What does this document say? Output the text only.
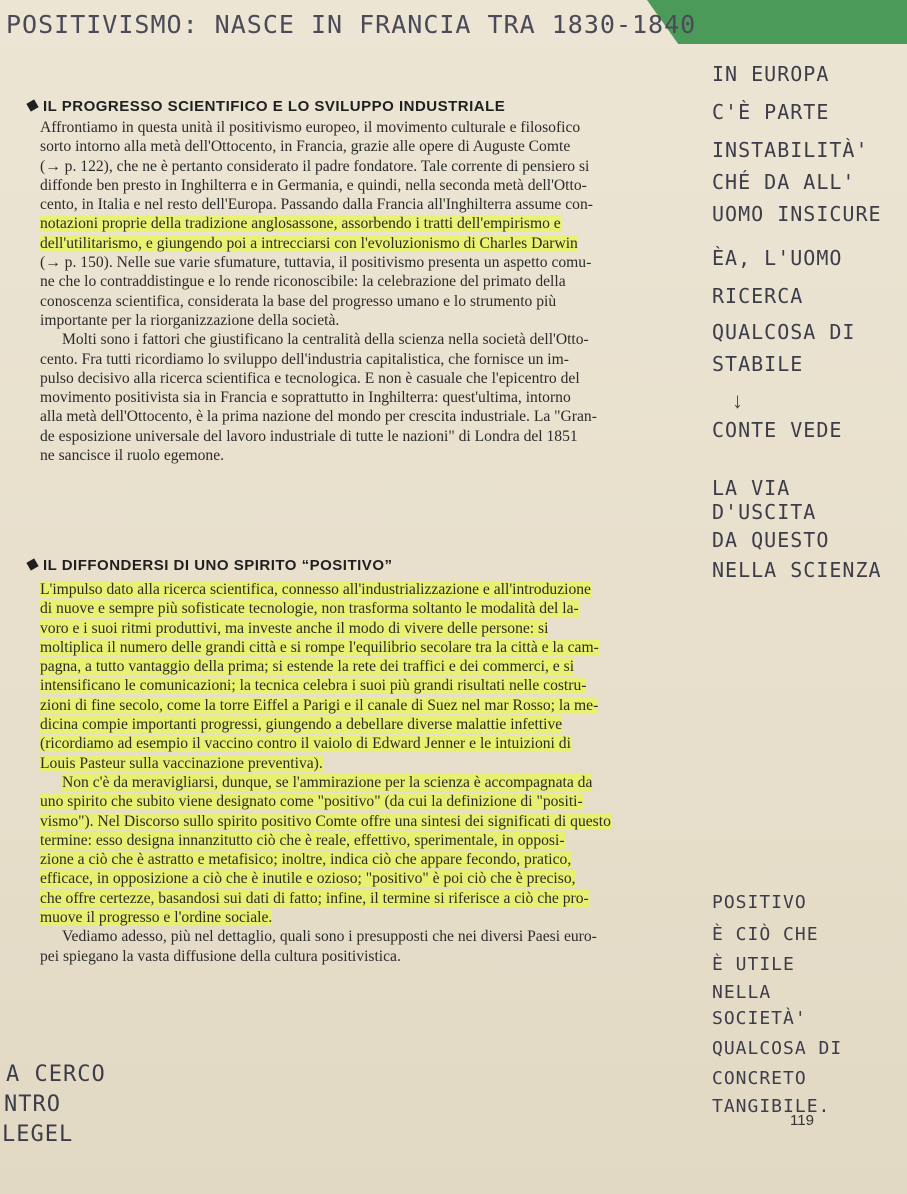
POSITIVISMO: NASCE IN FRANCIA TRA 1830-1840
IN EUROPA
C'È PARTE
INSTABILITÀ'
CHÉ DA ALL'
UOMO INSICURE
ÈA, L'UOMO
RICERCA
QUALCOSA DI
STABILE
CONTE VEDE
LA VIA
D'USCITA
DA QUESTO
NELLA SCIENZA
POSITIVO
È CIÒ CHE
È UTILE
NELLA
SOCIETÀ'
QUALCOSA DI
CONCRETO
TANGIBILE.
↓
IL PROGRESSO SCIENTIFICO E LO SVILUPPO INDUSTRIALE
Affrontiamo in questa unità il positivismo europeo, il movimento culturale e filosofico
sorto intorno alla metà dell'Ottocento, in Francia, grazie alle opere di Auguste Comte
(→ p. 122), che ne è pertanto considerato il padre fondatore. Tale corrente di pensiero si
diffonde ben presto in Inghilterra e in Germania, e quindi, nella seconda metà dell'Otto-
cento, in Italia e nel resto dell'Europa. Passando dalla Francia all'Inghilterra assume con-
notazioni proprie della tradizione anglosassone, assorbendo i tratti dell'empirismo e
dell'utilitarismo, e giungendo poi a intrecciarsi con l'evoluzionismo di Charles Darwin
(→ p. 150). Nelle sue varie sfumature, tuttavia, il positivismo presenta un aspetto comu-
ne che lo contraddistingue e lo rende riconoscibile: la celebrazione del primato della
conoscenza scientifica, considerata la base del progresso umano e lo strumento più
importante per la riorganizzazione della società.
Molti sono i fattori che giustificano la centralità della scienza nella società dell'Otto-
cento. Fra tutti ricordiamo lo sviluppo dell'industria capitalistica, che fornisce un im-
pulso decisivo alla ricerca scientifica e tecnologica. E non è casuale che l'epicentro del
movimento positivista sia in Francia e soprattutto in Inghilterra: quest'ultima, intorno
alla metà dell'Ottocento, è la prima nazione del mondo per crescita industriale. La "Gran-
de esposizione universale del lavoro industriale di tutte le nazioni" di Londra del 1851
ne sancisce il ruolo egemone.
IL DIFFONDERSI DI UNO SPIRITO “POSITIVO”
L'impulso dato alla ricerca scientifica, connesso all'industrializzazione e all'introduzione
di nuove e sempre più sofisticate tecnologie, non trasforma soltanto le modalità del la-
voro e i suoi ritmi produttivi, ma investe anche il modo di vivere delle persone: si
moltiplica il numero delle grandi città e si rompe l'equilibrio secolare tra la città e la cam-
pagna, a tutto vantaggio della prima; si estende la rete dei traffici e dei commerci, e si
intensificano le comunicazioni; la tecnica celebra i suoi più grandi risultati nelle costru-
zioni di fine secolo, come la torre Eiffel a Parigi e il canale di Suez nel mar Rosso; la me-
dicina compie importanti progressi, giungendo a debellare diverse malattie infettive
(ricordiamo ad esempio il vaccino contro il vaiolo di Edward Jenner e le intuizioni di
Louis Pasteur sulla vaccinazione preventiva).
Non c'è da meravigliarsi, dunque, se l'ammirazione per la scienza è accompagnata da
uno spirito che subito viene designato come "positivo" (da cui la definizione di "positi-
vismo"). Nel Discorso sullo spirito positivo Comte offre una sintesi dei significati di questo
termine: esso designa innanzitutto ciò che è reale, effettivo, sperimentale, in opposi-
zione a ciò che è astratto e metafisico; inoltre, indica ciò che appare fecondo, pratico,
efficace, in opposizione a ciò che è inutile e ozioso; "positivo" è poi ciò che è preciso,
che offre certezze, basandosi sui dati di fatto; infine, il termine si riferisce a ciò che pro-
muove il progresso e l'ordine sociale.
Vediamo adesso, più nel dettaglio, quali sono i presupposti che nei diversi Paesi euro-
pei spiegano la vasta diffusione della cultura positivistica.
A CERCO
NTRO
LEGEL
119
